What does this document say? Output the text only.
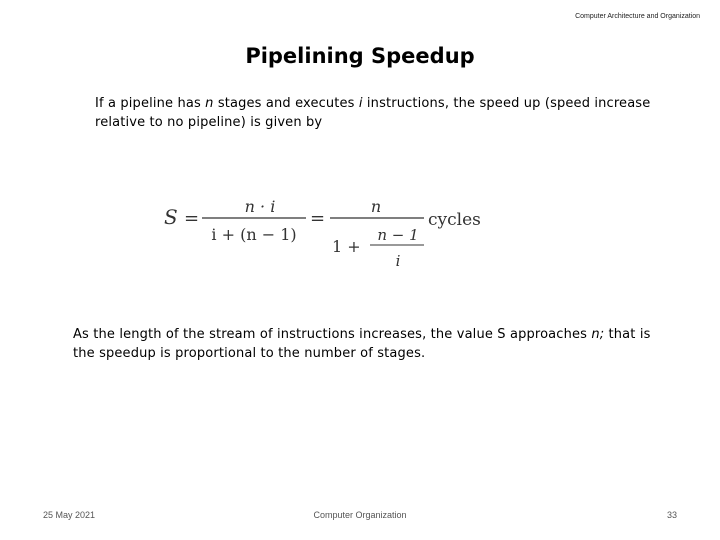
Computer Architecture and Organization
Pipelining Speedup
If a pipeline has n stages and executes i instructions, the speed up (speed increase relative to no pipeline) is given by
S =
n · i
i + (n − 1)
=
n
1 +
n − 1
i
cycles
As the length of the stream of instructions increases, the value S approaches n; that is the speedup is proportional to the number of stages.
25 May 2021	Computer Organization	33
